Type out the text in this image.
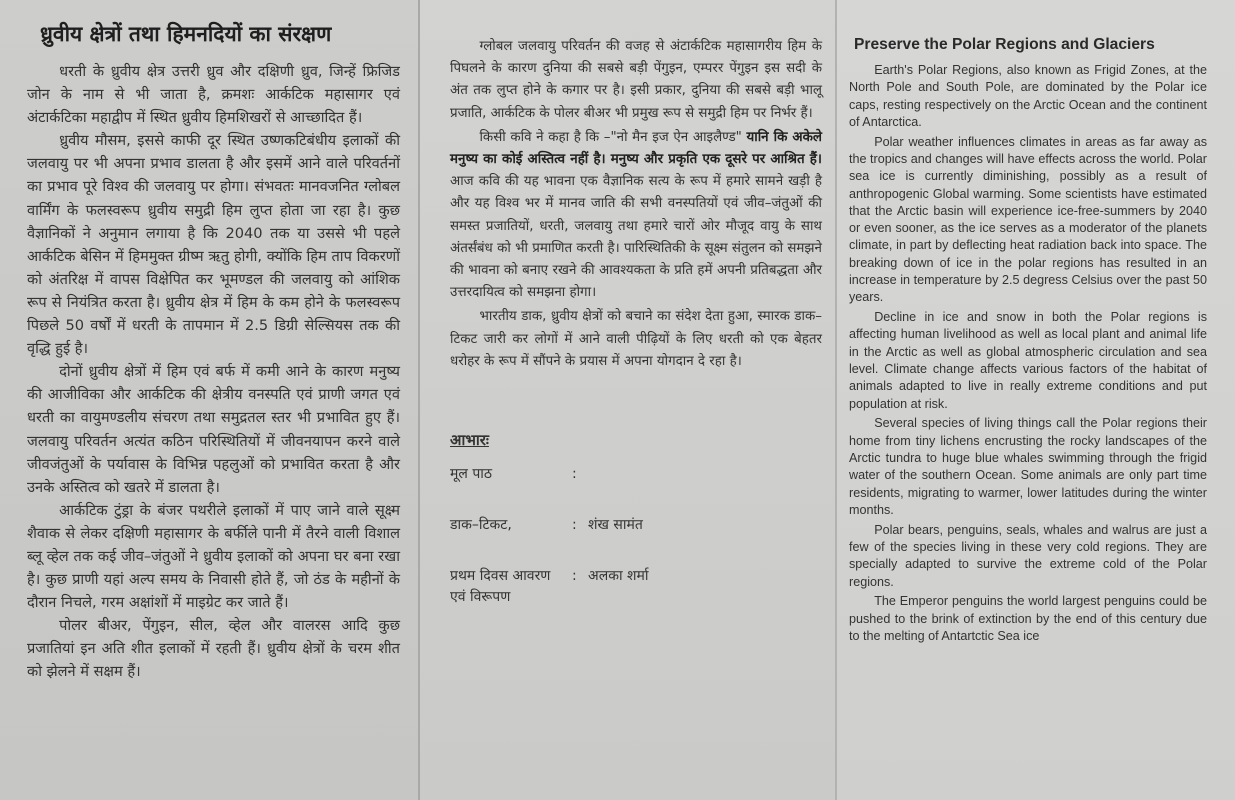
ध्रुवीय क्षेत्रों तथा हिमनदियों का संरक्षण

धरती के ध्रुवीय क्षेत्र उत्तरी ध्रुव और दक्षिणी ध्रुव, जिन्हें फ्रिजिड जोन के नाम से भी जाता है, क्रमशः आर्कटिक महासागर एवं अंटार्कटिका महाद्वीप में स्थित ध्रुवीय हिमशिखरों से आच्छादित हैं।

ध्रुवीय मौसम, इससे काफी दूर स्थित उष्णकटिबंधीय इलाकों की जलवायु पर भी अपना प्रभाव डालता है और इसमें आने वाले परिवर्तनों का प्रभाव पूरे विश्व की जलवायु पर होगा। संभवतः मानवजनित ग्लोबल वार्मिंग के फलस्वरूप ध्रुवीय समुद्री हिम लुप्त होता जा रहा है। कुछ वैज्ञानिकों ने अनुमान लगाया है कि 2040 तक या उससे भी पहले आर्कटिक बेसिन में हिममुक्त ग्रीष्म ऋतु होगी, क्योंकि हिम ताप विकरणों को अंतरिक्ष में वापस विक्षेपित कर भूमण्डल की जलवायु को आंशिक रूप से नियंत्रित करता है। ध्रुवीय क्षेत्र में हिम के कम होने के फलस्वरूप पिछले 50 वर्षों में धरती के तापमान में 2.5 डिग्री सेल्सियस तक की वृद्धि हुई है।

दोनों ध्रुवीय क्षेत्रों में हिम एवं बर्फ में कमी आने के कारण मनुष्य की आजीविका और आर्कटिक की क्षेत्रीय वनस्पति एवं प्राणी जगत एवं धरती का वायुमण्डलीय संचरण तथा समुद्रतल स्तर भी प्रभावित हुए हैं। जलवायु परिवर्तन अत्यंत कठिन परिस्थितियों में जीवनयापन करने वाले जीवजंतुओं के पर्यावास के विभिन्न पहलुओं को प्रभावित करता है और उनके अस्तित्व को खतरे में डालता है।

आर्कटिक टुंड्रा के बंजर पथरीले इलाकों में पाए जाने वाले सूक्ष्म शैवाक से लेकर दक्षिणी महासागर के बर्फीले पानी में तैरने वाली विशाल ब्लू व्हेल तक कई जीव–जंतुओं ने ध्रुवीय इलाकों को अपना घर बना रखा है। कुछ प्राणी यहां अल्प समय के निवासी होते हैं, जो ठंड के महीनों के दौरान निचले, गरम अक्षांशों में माइग्रेट कर जाते हैं।

पोलर बीअर, पेंगुइन, सील, व्हेल और वालरस आदि कुछ प्रजातियां इन अति शीत इलाकों में रहती हैं। ध्रुवीय क्षेत्रों के चरम शीत को झेलने में सक्षम हैं।

ग्लोबल जलवायु परिवर्तन की वजह से अंटार्कटिक महासागरीय हिम के पिघलने के कारण दुनिया की सबसे बड़ी पेंगुइन, एम्परर पेंगुइन इस सदी के अंत तक लुप्त होने के कगार पर है। इसी प्रकार, दुनिया की सबसे बड़ी भालू प्रजाति, आर्कटिक के पोलर बीअर भी प्रमुख रूप से समुद्री हिम पर निर्भर हैं।

किसी कवि ने कहा है कि –"नो मैन इज ऐन आइलैण्ड" यानि कि अकेले मनुष्य का कोई अस्तित्व नहीं है। मनुष्य और प्रकृति एक दूसरे पर आश्रित हैं। आज कवि की यह भावना एक वैज्ञानिक सत्य के रूप में हमारे सामने खड़ी है और यह विश्व भर में मानव जाति की सभी वनस्पतियों एवं जीव–जंतुओं की समस्त प्रजातियों, धरती, जलवायु तथा हमारे चारों ओर मौजूद वायु के साथ अंतर्संबंध को भी प्रमाणित करती है। पारिस्थितिकी के सूक्ष्म संतुलन को समझने की भावना को बनाए रखने की आवश्यकता के प्रति हमें अपनी प्रतिबद्धता और उत्तरदायित्व को समझना होगा।

भारतीय डाक, ध्रुवीय क्षेत्रों को बचाने का संदेश देता हुआ, स्मारक डाक–टिकट जारी कर लोगों में आने वाली पीढ़ियों के लिए धरती को एक बेहतर धरोहर के रूप में सौंपने के प्रयास में अपना योगदान दे रहा है।

आभारः
मूल पाठ	:
डाक–टिकट,	: शंख सामंत
प्रथम दिवस आवरण
एवं विरूपण
: अलका शर्मा
Preserve the Polar Regions and Glaciers

Earth's Polar Regions, also known as Frigid Zones, at the North Pole and South Pole, are dominated by the Polar ice caps, resting respectively on the Arctic Ocean and the continent of Antarctica.

Polar weather influences climates in areas as far away as the tropics and changes will have effects across the world. Polar sea ice is currently diminishing, possibly as a result of anthropogenic Global warming. Some scientists have estimated that the Arctic basin will experience ice-free-summers by 2040 or even sooner, as the ice serves as a moderator of the planets climate, in part by deflecting heat radiation back into space. The breaking down of ice in the polar regions has resulted in an increase in temperature by 2.5 degress Celsius over the past 50 years.

Decline in ice and snow in both the Polar regions is affecting human livelihood as well as local plant and animal life in the Arctic as well as global atmospheric circulation and sea level. Climate change affects various factors of the habitat of animals adapted to live in really extreme conditions and put population at risk.

Several species of living things call the Polar regions their home from tiny lichens encrusting the rocky landscapes of the Arctic tundra to huge blue whales swimming through the frigid water of the southern Ocean. Some animals are only part time residents, migrating to warmer, lower latitudes during the winter months.

Polar bears, penguins, seals, whales and walrus are just a few of the species living in these very cold regions. They are specially adapted to survive the extreme cold of the Polar regions.

The Emperor penguins the world largest penguins could be pushed to the brink of extinction by the end of this century due to the melting of Antartctic Sea ice
